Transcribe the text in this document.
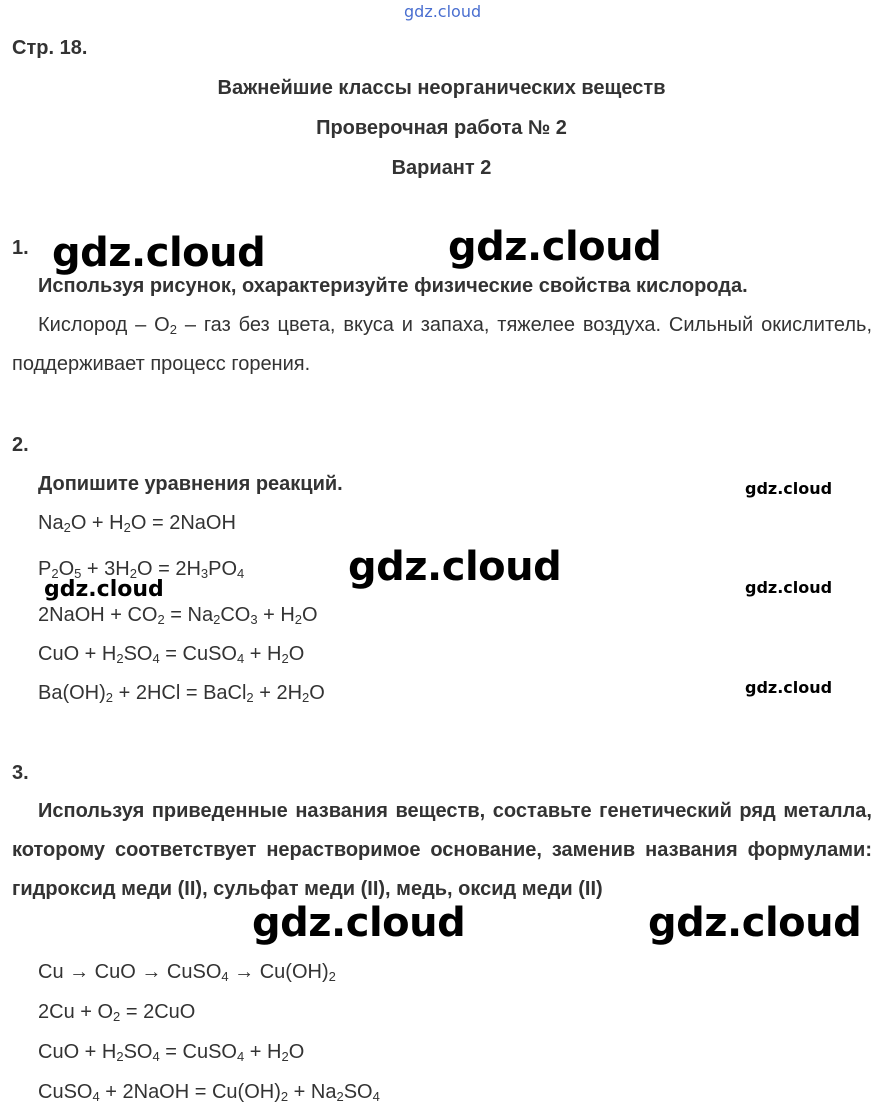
gdz.cloud
Стр. 18.
Важнейшие классы неорганических веществ
Проверочная работа № 2
Вариант 2
1.
Используя рисунок, охарактеризуйте физические свойства кислорода.
Кислород – $O_2$ – газ без цвета, вкуса и запаха, тяжелее воздуха. Сильный окислитель, поддерживает процесс горения.
2.
Допишите уравнения реакций.
$Na_2O + H_2O$ = 2NaOH
$P_2O_5 + 3H_2O = 2H_3PO_4$
2NaOH + $CO_2 = Na_2CO_3 + H_2O$
CuO + $H_2SO_4$ = CuSO$_4$ + $H_2O$
$Ba(OH)_2 + 2HCl$ = BaCl$_2$ + $2H_2O$
3.
Используя приведенные названия веществ, составьте генетический ряд металла, которому соответствует нерастворимое основание, заменив названия формулами: гидроксид меди (II), сульфат меди (II), медь, оксид меди (II)
Cu → CuO → CuSO$_4$ → $Cu(OH)_2$
$2Cu + O_2 = 2CuO$
CuO + $H_2SO_4$ = CuSO$_4$ + $H_2O$
CuSO$_4$ + 2NaOH = $Cu(OH)_2 + Na_2SO_4$
gdz.cloud	gdz.cloud
gdz.cloud
gdz.cloud
gdz.cloud	gdz.cloud
gdz.cloud
gdz.cloud	gdz.cloud
